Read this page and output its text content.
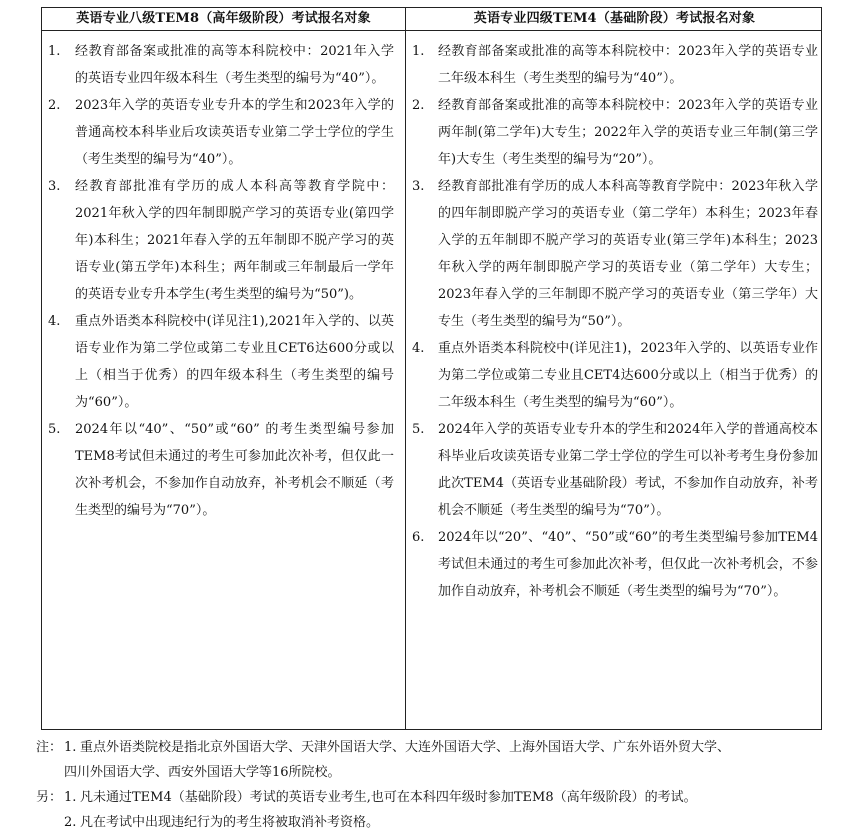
英语专业八级TEM8（高年级阶段）考试报名对象	英语专业四级TEM4（基础阶段）考试报名对象
1. 经教育部备案或批准的高等本科院校中：2021年入学的英语专业四年级本科生（考生类型的编号为“40”）。
2. 2023年入学的英语专业专升本的学生和2023年入学的普通高校本科毕业后攻读英语专业第二学士学位的学生（考生类型的编号为“40”）。
3. 经教育部批准有学历的成人本科高等教育学院中：2021年秋入学的四年制即脱产学习的英语专业(第四学年)本科生；2021年春入学的五年制即不脱产学习的英语专业(第五学年)本科生；两年制或三年制最后一学年的英语专业专升本学生(考生类型的编号为“50”)。
4. 重点外语类本科院校中(详见注1),2021年入学的、以英语专业作为第二学位或第二专业且CET6达600分或以上（相当于优秀）的四年级本科生（考生类型的编号为“60”）。
5. 2024年以“40”、“50”或“60” 的考生类型编号参加TEM8考试但未通过的考生可参加此次补考，但仅此一次补考机会，不参加作自动放弃，补考机会不顺延（考生类型的编号为“70”）。
1. 经教育部备案或批准的高等本科院校中：2023年入学的英语专业二年级本科生（考生类型的编号为“40”）。
2. 经教育部备案或批准的高等本科院校中：2023年入学的英语专业两年制(第二学年)大专生；2022年入学的英语专业三年制(第三学年)大专生（考生类型的编号为“20”）。
3. 经教育部批准有学历的成人本科高等教育学院中：2023年秋入学的四年制即脱产学习的英语专业（第二学年）本科生；2023年春入学的五年制即不脱产学习的英语专业(第三学年)本科生；2023年秋入学的两年制即脱产学习的英语专业（第二学年）大专生；2023年春入学的三年制即不脱产学习的英语专业（第三学年）大专生（考生类型的编号为“50”）。
4. 重点外语类本科院校中(详见注1)，2023年入学的、以英语专业作为第二学位或第二专业且CET4达600分或以上（相当于优秀）的二年级本科生（考生类型的编号为“60”）。
5. 2024年入学的英语专业专升本的学生和2024年入学的普通高校本科毕业后攻读英语专业第二学士学位的学生可以补考考生身份参加此次TEM4（英语专业基础阶段）考试，不参加作自动放弃，补考机会不顺延（考生类型的编号为“70”）。
6. 2024年以“20”、“40”、“50”或“60”的考生类型编号参加TEM4考试但未通过的考生可参加此次补考，但仅此一次补考机会，不参加作自动放弃，补考机会不顺延（考生类型的编号为“70”）。
注： 1. 重点外语类院校是指北京外国语大学、天津外国语大学、大连外国语大学、上海外国语大学、广东外语外贸大学、
四川外国语大学、西安外国语大学等16所院校。
另： 1. 凡未通过TEM4（基础阶段）考试的英语专业考生,也可在本科四年级时参加TEM8（高年级阶段）的考试。
2. 凡在考试中出现违纪行为的考生将被取消补考资格。
